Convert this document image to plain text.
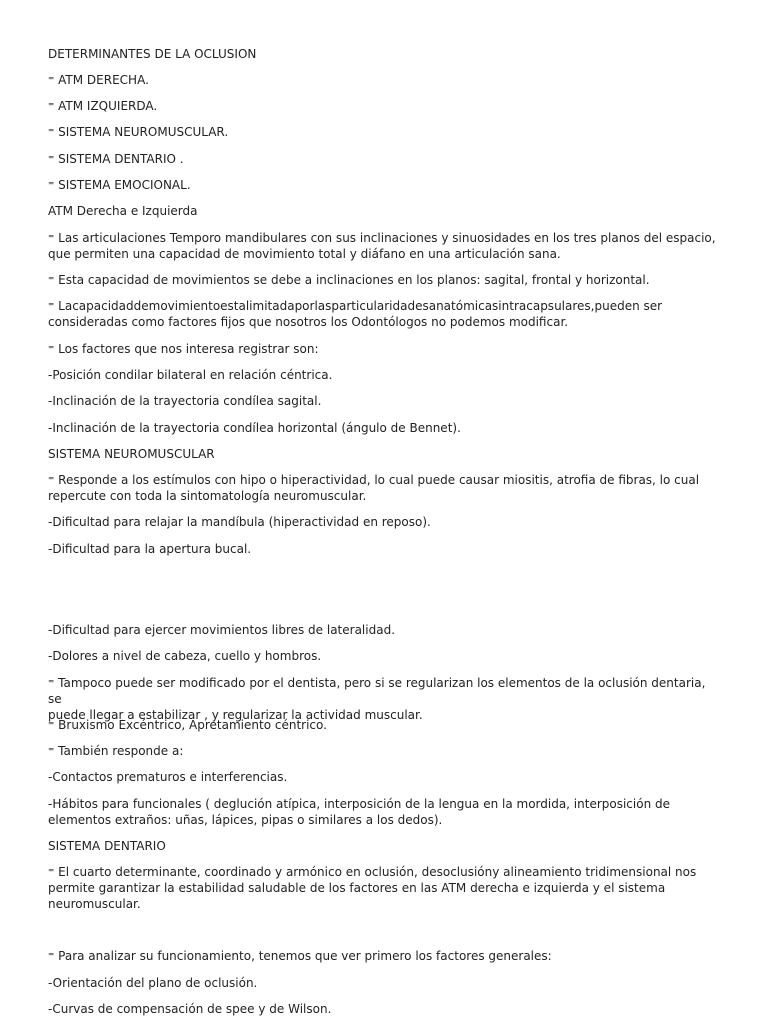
DETERMINANTES DE LA OCLUSION

⁼ ATM DERECHA.

⁼ ATM IZQUIERDA.

⁼ SISTEMA NEUROMUSCULAR.

⁼ SISTEMA DENTARIO .

⁼ SISTEMA EMOCIONAL.

ATM Derecha e Izquierda

⁼ Las articulaciones Temporo mandibulares con sus inclinaciones y sinuosidades en los tres planos del espacio,
que permiten una capacidad de movimiento total y diáfano en una articulación sana.

⁼ Esta capacidad de movimientos se debe a inclinaciones en los planos: sagital, frontal y horizontal.

⁼ Lacapacidaddemovimientoestalimitadaporlasparticularidadesanatómicasintracapsulares,pueden ser
consideradas como factores fijos que nosotros los Odontólogos no podemos modificar.

⁼ Los factores que nos interesa registrar son:

-Posición condilar bilateral en relación céntrica.

-Inclinación de la trayectoria condílea sagital.

-Inclinación de la trayectoria condílea horizontal (ángulo de Bennet).

SISTEMA NEUROMUSCULAR

⁼ Responde a los estímulos con hipo o hiperactividad, lo cual puede causar miositis, atrofia de fibras, lo cual
repercute con toda la sintomatología neuromuscular.

-Dificultad para relajar la mandíbula (hiperactividad en reposo).

-Dificultad para la apertura bucal.

-Dificultad para ejercer movimientos libres de lateralidad.

-Dolores a nivel de cabeza, cuello y hombros.

⁼ Tampoco puede ser modificado por el dentista, pero si se regularizan los elementos de la oclusión dentaria, se
puede llegar a estabilizar , y regularizar la actividad muscular.

⁼ Bruxismo Excéntrico, Apretamiento céntrico.

⁼ También responde a:

-Contactos prematuros e interferencias.

-Hábitos para funcionales ( deglución atípica, interposición de la lengua en la mordida, interposición de
elementos extraños: uñas, lápices, pipas o similares a los dedos).

SISTEMA DENTARIO

⁼ El cuarto determinante, coordinado y armónico en oclusión, desoclusióny alineamiento tridimensional nos
permite garantizar la estabilidad saludable de los factores en las ATM derecha e izquierda y el sistema
neuromuscular.

⁼ Para analizar su funcionamiento, tenemos que ver primero los factores generales:

-Orientación del plano de oclusión.

-Curvas de compensación de spee y de Wilson.
